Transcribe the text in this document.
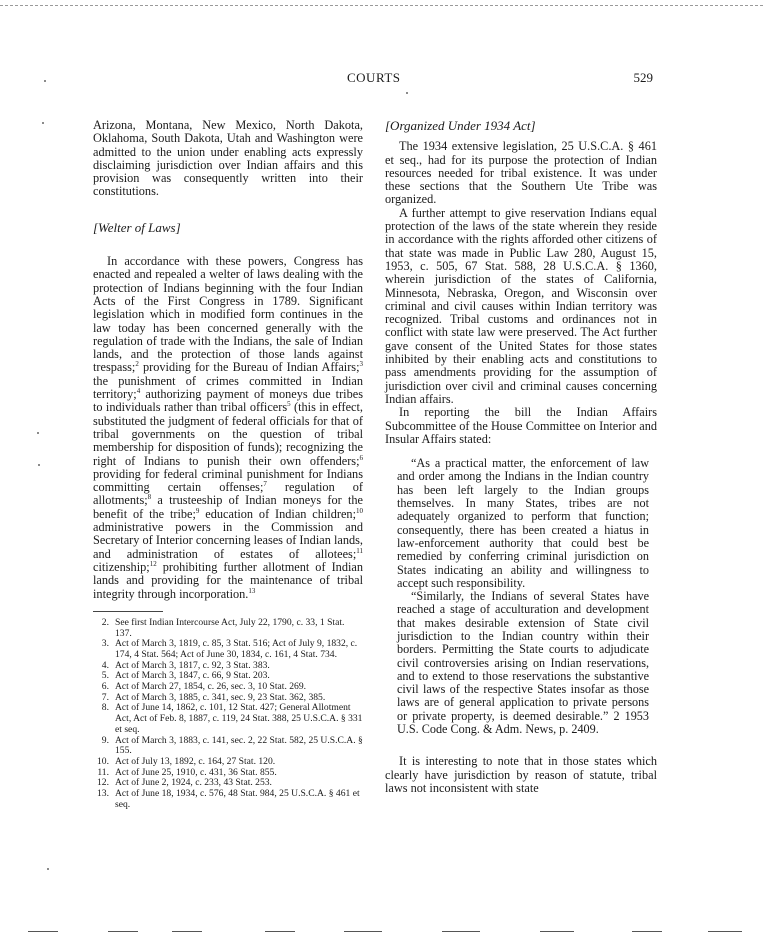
COURTS	529

Arizona, Montana, New Mexico, North Dakota, Oklahoma, South Dakota, Utah and Washington were admitted to the union under enabling acts expressly disclaiming jurisdiction over Indian affairs and this provision was consequently written into their constitutions.

[Welter of Laws]

In accordance with these powers, Congress has enacted and repealed a welter of laws dealing with the protection of Indians beginning with the four Indian Acts of the First Congress in 1789. Significant legislation which in modified form continues in the law today has been concerned generally with the regulation of trade with the Indians, the sale of Indian lands, and the protection of those lands against trespass;$^2$ providing for the Bureau of Indian Affairs;$^3$ the punishment of crimes committed in Indian territory;$^4$ authorizing payment of moneys due tribes to individuals rather than tribal officers$^5$ (this in effect, substituted the judgment of federal officials for that of tribal governments on the question of tribal membership for disposition of funds); recognizing the right of Indians to punish their own offenders;$^6$ providing for federal criminal punishment for Indians committing certain offenses;$^7$ regulation of allotments;$^8$ a trusteeship of Indian moneys for the benefit of the tribe;$^9$ education of Indian children;$^{10}$ administrative powers in the Commission and Secretary of Interior concerning leases of Indian lands, and administration of estates of allotees;$^{11}$ citizenship;$^{12}$ prohibiting further allotment of Indian lands and providing for the maintenance of tribal integrity through incorporation.$^{13}$

2. See first Indian Intercourse Act, July 22, 1790, c. 33, 1 Stat. 137.
3. Act of March 3, 1819, c. 85, 3 Stat. 516; Act of July 9, 1832, c. 174, 4 Stat. 564; Act of June 30, 1834, c. 161, 4 Stat. 734.
4. Act of March 3, 1817, c. 92, 3 Stat. 383.
5. Act of March 3, 1847, c. 66, 9 Stat. 203.
6. Act of March 27, 1854, c. 26, sec. 3, 10 Stat. 269.
7. Act of March 3, 1885, c. 341, sec. 9, 23 Stat. 362, 385.
8. Act of June 14, 1862, c. 101, 12 Stat. 427; General Allotment Act, Act of Feb. 8, 1887, c. 119, 24 Stat. 388, 25 U.S.C.A. § 331 et seq.
9. Act of March 3, 1883, c. 141, sec. 2, 22 Stat. 582, 25 U.S.C.A. § 155.
10. Act of July 13, 1892, c. 164, 27 Stat. 120.
11. Act of June 25, 1910, c. 431, 36 Stat. 855.
12. Act of June 2, 1924, c. 233, 43 Stat. 253.
13. Act of June 18, 1934, c. 576, 48 Stat. 984, 25 U.S.C.A. § 461 et seq.

[Organized Under 1934 Act]

The 1934 extensive legislation, 25 U.S.C.A. § 461 et seq., had for its purpose the protection of Indian resources needed for tribal existence. It was under these sections that the Southern Ute Tribe was organized.

A further attempt to give reservation Indians equal protection of the laws of the state wherein they reside in accordance with the rights afforded other citizens of that state was made in Public Law 280, August 15, 1953, c. 505, 67 Stat. 588, 28 U.S.C.A. § 1360, wherein jurisdiction of the states of California, Minnesota, Nebraska, Oregon, and Wisconsin over criminal and civil causes within Indian territory was recognized. Tribal customs and ordinances not in conflict with state law were preserved. The Act further gave consent of the United States for those states inhibited by their enabling acts and constitutions to pass amendments providing for the assumption of jurisdiction over civil and criminal causes concerning Indian affairs.

In reporting the bill the Indian Affairs Subcommittee of the House Committee on Interior and Insular Affairs stated:

“As a practical matter, the enforcement of law and order among the Indians in the Indian country has been left largely to the Indian groups themselves. In many States, tribes are not adequately organized to perform that function; consequently, there has been created a hiatus in law-enforcement authority that could best be remedied by conferring criminal jurisdiction on States indicating an ability and willingness to accept such responsibility.

“Similarly, the Indians of several States have reached a stage of acculturation and development that makes desirable extension of State civil jurisdiction to the Indian country within their borders. Permitting the State courts to adjudicate civil controversies arising on Indian reservations, and to extend to those reservations the substantive civil laws of the respective States insofar as those laws are of general application to private persons or private property, is deemed desirable.” 2 1953 U.S. Code Cong. & Adm. News, p. 2409.

It is interesting to note that in those states which clearly have jurisdiction by reason of statute, tribal laws not inconsistent with state
